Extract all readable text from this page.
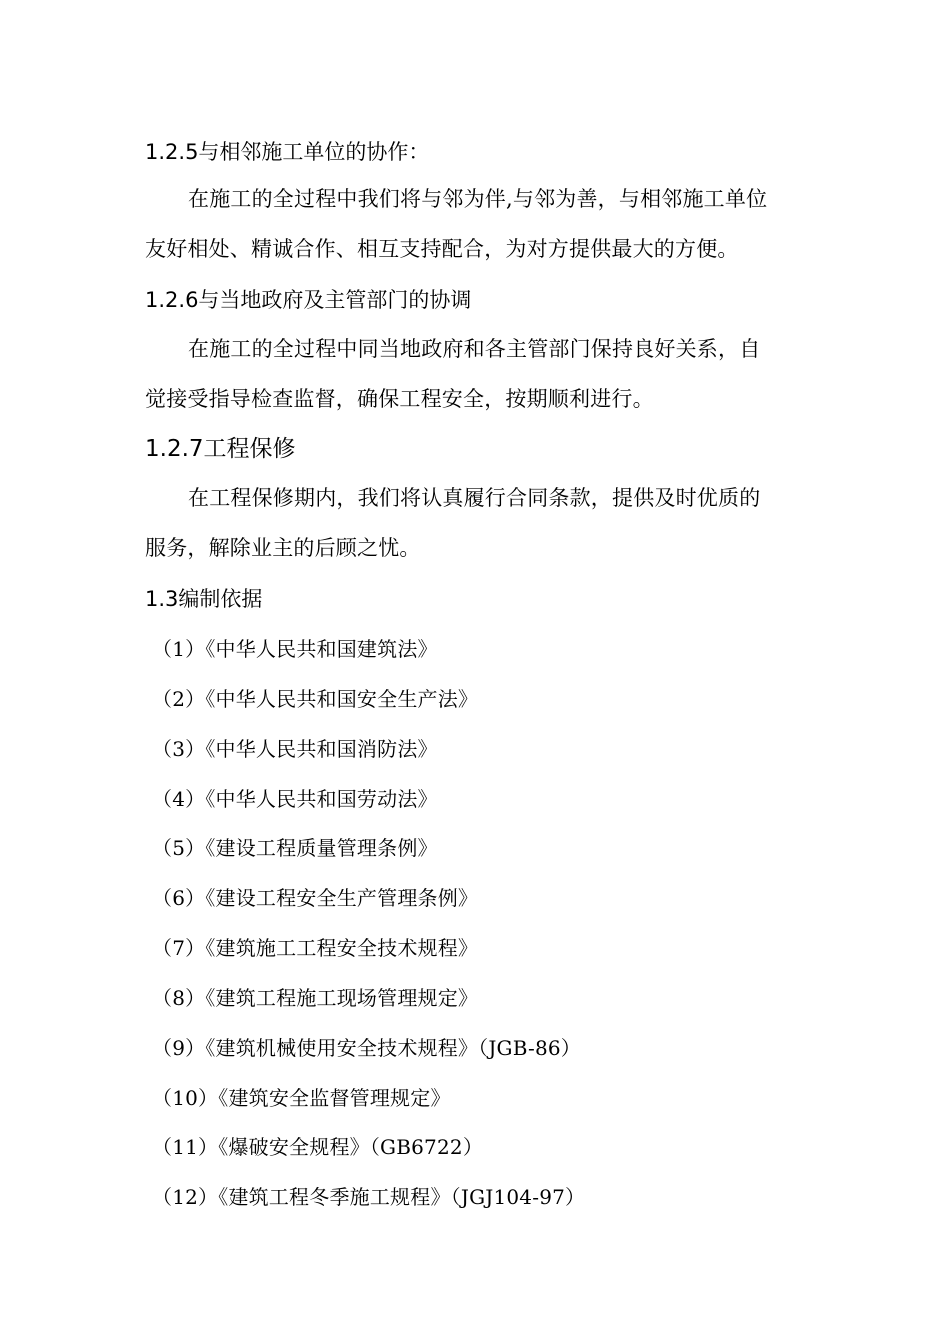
1.2.5与相邻施工单位的协作：
在施工的全过程中我们将与邻为伴,与邻为善，与相邻施工单位
友好相处、精诚合作、相互支持配合，为对方提供最大的方便。
1.2.6与当地政府及主管部门的协调
在施工的全过程中同当地政府和各主管部门保持良好关系，自
觉接受指导检查监督，确保工程安全，按期顺利进行。
1.2.7工程保修
在工程保修期内，我们将认真履行合同条款，提供及时优质的
服务，解除业主的后顾之忧。
1.3编制依据
（1）《中华人民共和国建筑法》
（2）《中华人民共和国安全生产法》
（3）《中华人民共和国消防法》
（4）《中华人民共和国劳动法》
（5）《建设工程质量管理条例》
（6）《建设工程安全生产管理条例》
（7）《建筑施工工程安全技术规程》
（8）《建筑工程施工现场管理规定》
（9）《建筑机械使用安全技术规程》（JGB-86）
（10）《建筑安全监督管理规定》
（11）《爆破安全规程》（GB6722）
（12）《建筑工程冬季施工规程》（JGJ104-97）
